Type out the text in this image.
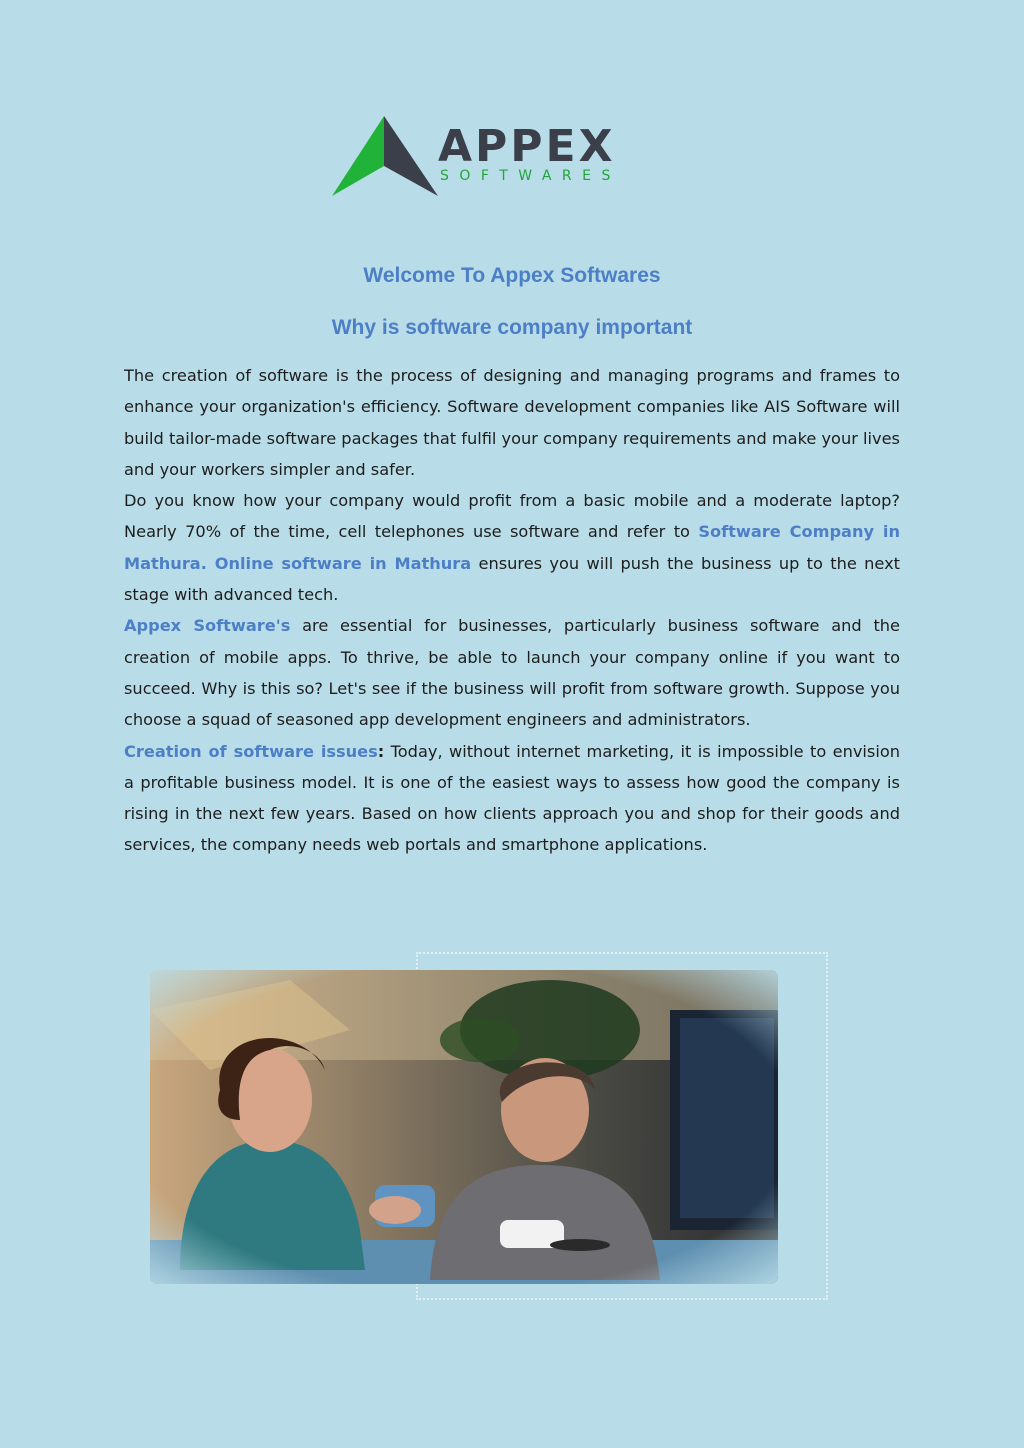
APPEX
SOFTWARES
Welcome To Appex Softwares
Why is software company important

The creation of software is the process of designing and managing programs and frames to enhance your organization's efficiency. Software development companies like AIS Software will build tailor-made software packages that fulfil your company requirements and make your lives and your workers simpler and safer.

Do you know how your company would profit from a basic mobile and a moderate laptop? Nearly 70% of the time, cell telephones use software and refer to Software Company in Mathura. Online software in Mathura ensures you will push the business up to the next stage with advanced tech.

Appex Software's are essential for businesses, particularly business software and the creation of mobile apps. To thrive, be able to launch your company online if you want to succeed. Why is this so? Let's see if the business will profit from software growth. Suppose you choose a squad of seasoned app development engineers and administrators.

Creation of software issues: Today, without internet marketing, it is impossible to envision a profitable business model. It is one of the easiest ways to assess how good the company is rising in the next few years. Based on how clients approach you and shop for their goods and services, the company needs web portals and smartphone applications.
